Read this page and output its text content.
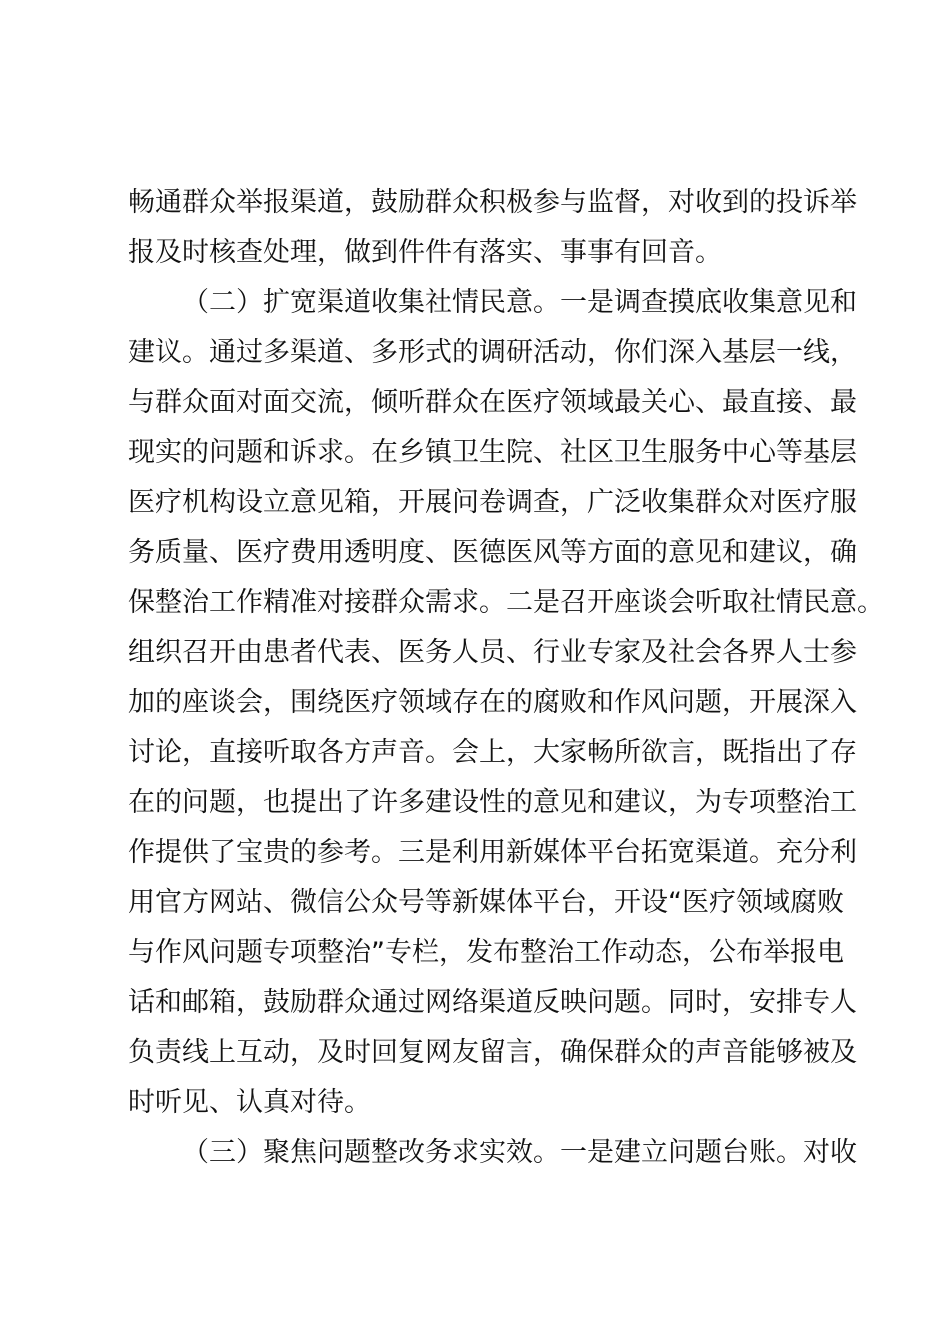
畅通群众举报渠道，鼓励群众积极参与监督，对收到的投诉举
报及时核查处理，做到件件有落实、事事有回音。
（二）扩宽渠道收集社情民意。一是调查摸底收集意见和
建议。通过多渠道、多形式的调研活动，你们深入基层一线，
与群众面对面交流，倾听群众在医疗领域最关心、最直接、最
现实的问题和诉求。在乡镇卫生院、社区卫生服务中心等基层
医疗机构设立意见箱，开展问卷调查，广泛收集群众对医疗服
务质量、医疗费用透明度、医德医风等方面的意见和建议，确
保整治工作精准对接群众需求。二是召开座谈会听取社情民意。
组织召开由患者代表、医务人员、行业专家及社会各界人士参
加的座谈会，围绕医疗领域存在的腐败和作风问题，开展深入
讨论，直接听取各方声音。会上，大家畅所欲言，既指出了存
在的问题，也提出了许多建设性的意见和建议，为专项整治工
作提供了宝贵的参考。三是利用新媒体平台拓宽渠道。充分利
用官方网站、微信公众号等新媒体平台，开设“医疗领域腐败
与作风问题专项整治”专栏，发布整治工作动态，公布举报电
话和邮箱，鼓励群众通过网络渠道反映问题。同时，安排专人
负责线上互动，及时回复网友留言，确保群众的声音能够被及
时听见、认真对待。
（三）聚焦问题整改务求实效。一是建立问题台账。对收
